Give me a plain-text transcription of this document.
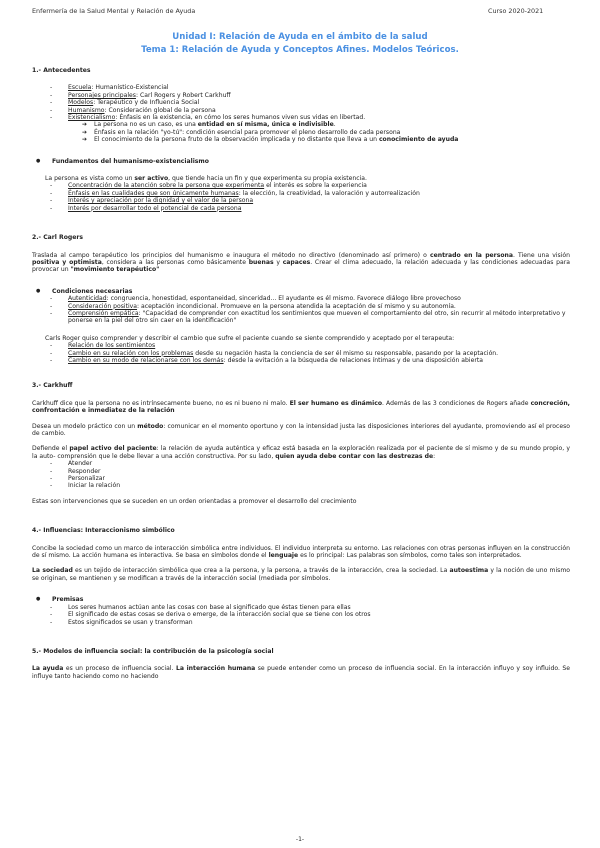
Enfermería de la Salud Mental y Relación de Ayuda	Curso 2020-2021
Unidad I: Relación de Ayuda en el ámbito de la salud
Tema 1: Relación de Ayuda y Conceptos Afines. Modelos Teóricos.

1.- Antecedentes

- Escuela: Humanístico-Existencial
- Personajes principales: Carl Rogers y Robert Carkhuff
- Modelos: Terapéutico y de Influencia Social
- Humanismo: Consideración global de la persona
- Existencialismo: Énfasis en la existencia, en cómo los seres humanos viven sus vidas en libertad.
➔ La persona no es un caso, es una entidad en sí misma, única e indivisible.
➔ Énfasis en la relación "yo-tú": condición esencial para promover el pleno desarrollo de cada persona
➔ El conocimiento de la persona fruto de la observación implicada y no distante que lleva a un conocimiento de ayuda

● Fundamentos del humanismo-existencialismo

La persona es vista como un ser activo, que tiende hacia un fin y que experimenta su propia existencia.

- Concentración de la atención sobre la persona que experimenta el interés es sobre la experiencia
- Énfasis en las cualidades que son únicamente humanas: la elección, la creatividad, la valoración y autorrealización
- Interés y apreciación por la dignidad y el valor de la persona
- Interés por desarrollar todo el potencial de cada persona

2.- Carl Rogers

Traslada al campo terapéutico los principios del humanismo e inaugura el método no directivo (denominado así primero) o centrado en la persona. Tiene una visión positiva y optimista, considera a las personas como básicamente buenas y capaces. Crear el clima adecuado, la relación adecuada y las condiciones adecuadas para provocar un "movimiento terapéutico"

● Condiciones necesarias

- Autenticidad: congruencia, honestidad, espontaneidad, sinceridad... El ayudante es él mismo. Favorece diálogo libre provechoso
- Consideración positiva: aceptación incondicional. Promueve en la persona atendida la aceptación de sí mismo y su autonomía.
- Comprensión empática: "Capacidad de comprender con exactitud los sentimientos que mueven el comportamiento del otro, sin recurrir al método interpretativo y ponerse en la piel del otro sin caer en la identificación"

Carls Roger quiso comprender y describir el cambio que sufre el paciente cuando se siente comprendido y aceptado por el terapeuta:

- Relación de los sentimientos
- Cambio en su relación con los problemas desde su negación hasta la conciencia de ser él mismo su responsable, pasando por la aceptación.
- Cambio en su modo de relacionarse con los demás: desde la evitación a la búsqueda de relaciones íntimas y de una disposición abierta

3.- Carkhuff

Carkhuff dice que la persona no es intrínsecamente bueno, no es ni bueno ni malo. El ser humano es dinámico. Además de las 3 condiciones de Rogers añade concreción, confrontación e inmediatez de la relación

Desea un modelo práctico con un método: comunicar en el momento oportuno y con la intensidad justa las disposiciones interiores del ayudante, promoviendo así el proceso de cambio.

Defiende el papel activo del paciente: la relación de ayuda auténtica y eficaz está basada en la exploración realizada por el paciente de sí mismo y de su mundo propio, y la auto- comprensión que le debe llevar a una acción constructiva. Por su lado, quien ayuda debe contar con las destrezas de:

- Atender
- Responder
- Personalizar
- Iniciar la relación

Estas son intervenciones que se suceden en un orden orientadas a promover el desarrollo del crecimiento

4.- Influencias: Interaccionismo simbólico

Concibe la sociedad como un marco de interacción simbólica entre individuos. El individuo interpreta su entorno. Las relaciones con otras personas influyen en la construcción de sí mismo. La acción humana es interactiva. Se basa en símbolos donde el lenguaje es lo principal: Las palabras son símbolos, como tales son interpretados.

La sociedad es un tejido de interacción simbólica que crea a la persona, y la persona, a través de la interacción, crea la sociedad. La autoestima y la noción de uno mismo se originan, se mantienen y se modifican a través de la interacción social (mediada por símbolos.

● Premisas

- Los seres humanos actúan ante las cosas con base al significado que éstas tienen para ellas
- El significado de estas cosas se deriva o emerge, de la interacción social que se tiene con los otros
- Estos significados se usan y transforman

5.- Modelos de influencia social: la contribución de la psicología social

La ayuda es un proceso de influencia social. La interacción humana se puede entender como un proceso de influencia social. En la interacción influyo y soy influido. Se influye tanto haciendo como no haciendo

-1-
